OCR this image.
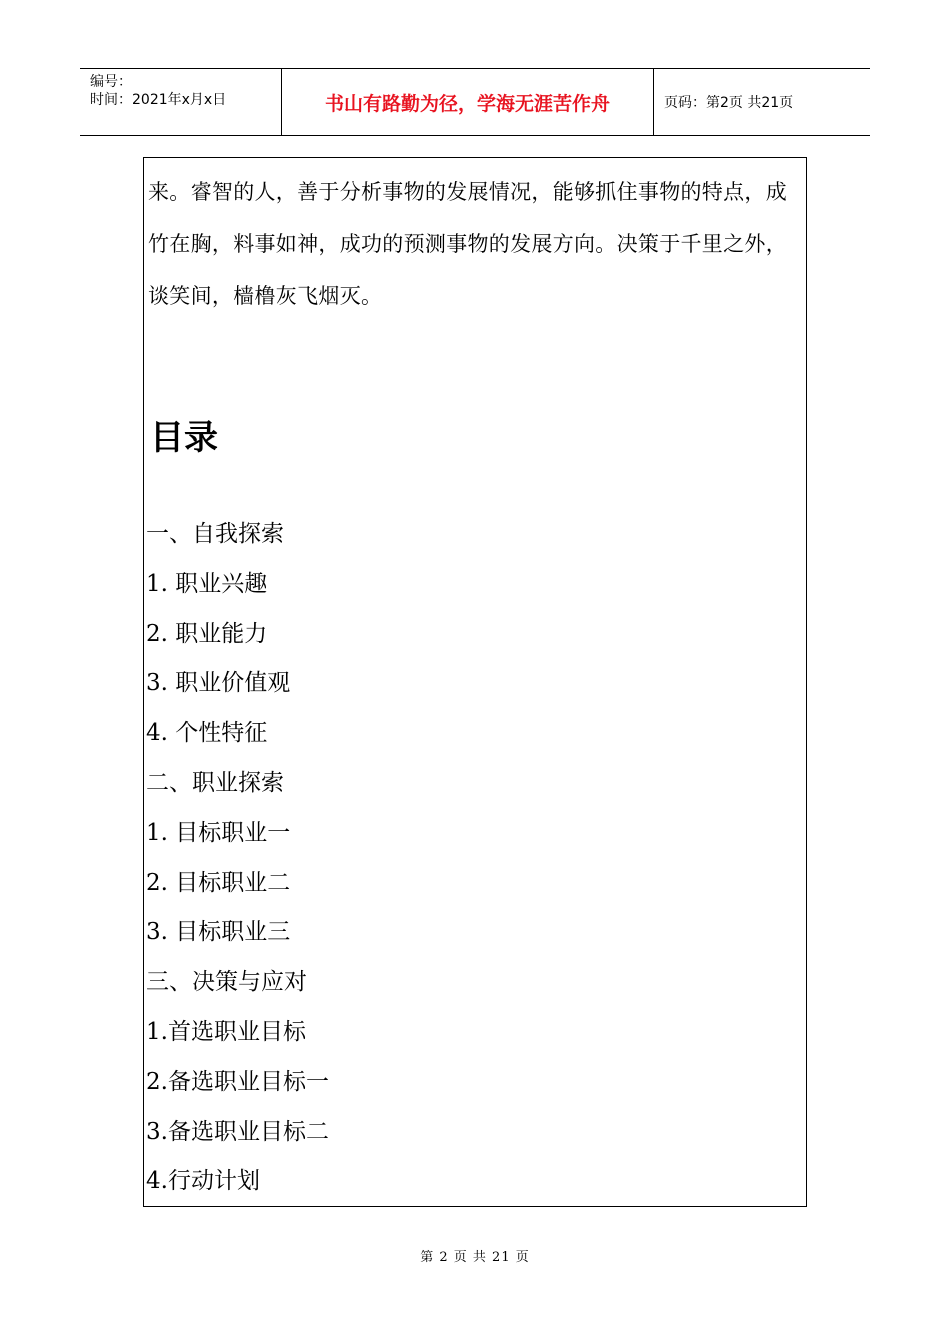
编号：
时间：2021年x月x日	书山有路勤为径，学海无涯苦作舟	页码：第2页 共21页
来。睿智的人，善于分析事物的发展情况，能够抓住事物的特点，成竹在胸，料事如神，成功的预测事物的发展方向。决策于千里之外，谈笑间，樯橹灰飞烟灭。
目录
一、自我探索
1. 职业兴趣
2. 职业能力
3. 职业价值观
4. 个性特征
二、职业探索
1. 目标职业一
2. 目标职业二
3. 目标职业三
三、决策与应对
1.首选职业目标
2.备选职业目标一
3.备选职业目标二
4.行动计划
第 2 页 共 21 页
